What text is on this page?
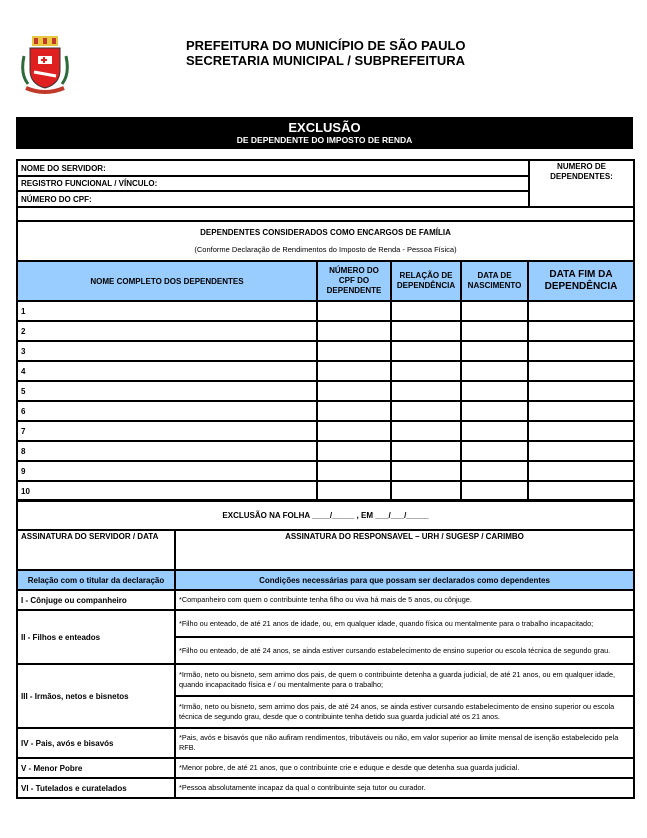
PREFEITURA DO MUNICÍPIO DE SÃO PAULO
SECRETARIA MUNICIPAL / SUBPREFEITURA
EXCLUSÃO
DE DEPENDENTE DO IMPOSTO DE RENDA
NOME DO SERVIDOR:	NUMERO DE DEPENDENTES:
REGISTRO FUNCIONAL / VÍNCULO:
NÚMERO DO CPF:

DEPENDENTES CONSIDERADOS COMO ENCARGOS DE FAMÍLIA
(Conforme Declaração de Rendimentos do Imposto de Renda - Pessoa Física)
NOME COMPLETO DOS DEPENDENTES	NÚMERO DO CPF DO DEPENDENTE	RELAÇÃO DE DEPENDÊNCIA	DATA DE NASCIMENTO	DATA FIM DA DEPENDÊNCIA
1				
2				
3				
4				
5				
6				
7				
8				
9				
10				
EXCLUSÃO NA FOLHA ____/_____ , EM ___/___/_____	
ASSINATURA DO SERVIDOR / DATA	ASSINATURA DO RESPONSAVEL – URH / SUGESP / CARIMBO
Relação com o titular da declaração	Condições necessárias para que possam ser declarados como dependentes
I - Cônjuge ou companheiro	*Companheiro com quem o contribuinte tenha filho ou viva há mais de 5 anos, ou cônjuge.
II - Filhos e enteados	*Filho ou enteado, de até 21 anos de idade, ou, em qualquer idade, quando física ou mentalmente para o trabalho incapacitado;
	*Filho ou enteado, de até 24 anos, se ainda estiver cursando estabelecimento de ensino superior ou escola técnica de segundo grau.
III - Irmãos, netos e bisnetos	*Irmão, neto ou bisneto, sem arrimo dos pais, de quem o contribuinte detenha a guarda judicial, de até 21 anos, ou em qualquer idade, quando incapacitado física e / ou mentalmente para o trabalho;
	*Irmão, neto ou bisneto, sem arrimo dos pais, de até 24 anos, se ainda estiver cursando estabelecimento de ensino superior ou escola técnica de segundo grau, desde que o contribuinte tenha detido sua guarda judicial até os 21 anos.
IV - Pais, avós e bisavós	*Pais, avós e bisavós que não aufiram rendimentos, tributáveis ou não, em valor superior ao limite mensal de isenção estabelecido pela RFB.
V - Menor Pobre	*Menor pobre, de até 21 anos, que o contribuinte crie e eduque e desde que detenha sua guarda judicial.
VI - Tutelados e curatelados	*Pessoa absolutamente incapaz da qual o contribuinte seja tutor ou curador.
